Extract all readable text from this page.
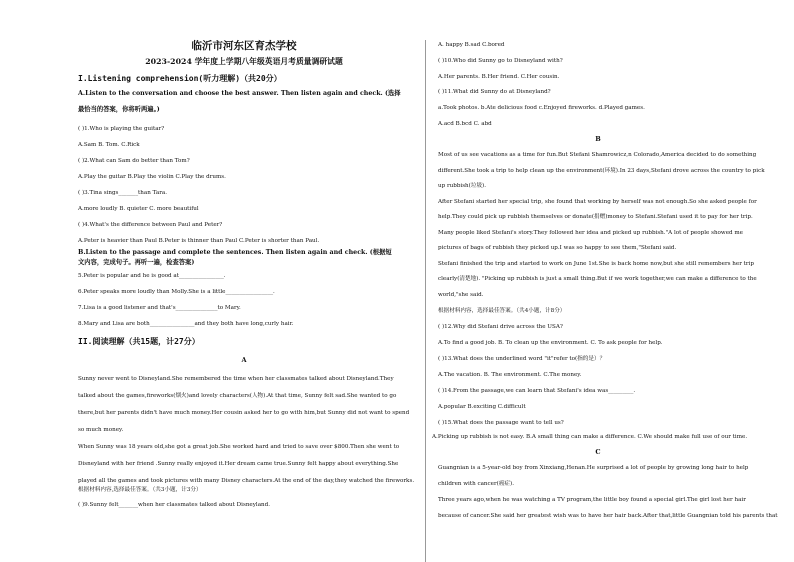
临沂市河东区育杰学校
2023-2024 学年度上学期八年级英语月考质量调研试题
I.Listening comprehension(听力理解)（共20分）
A.Listen to the conversation and choose the best answer. Then listen again and check. (选择
最恰当的答案，你将听两遍。)
( )1.Who is playing the guitar?
A.Sam B. Tom. C.Rick
( )2.What can Sam do better than Tom?
A.Play the guitar B.Play the violin C.Play the drums.
( )3.Tina sings_______than Tara.
A.more loudly B. quieter C. more beautiful
( )4.What's the difference between Paul and Peter?
A.Peter is heavier than Paul B.Peter is thinner than Paul C.Peter is shorter than Paul.
B.Listen to the passage and complete the sentences. Then listen again and check. (根据短
文内容，完成句子。再听一遍，检查答案)
5.Peter is popular and he is good at________________.
6.Peter speaks more loudly than Molly.She is a little_________________.
7.Lisa is a good listener and that's_______________to Mary.
8.Mary and Lisa are both________________and they both have long,curly hair.
II.阅读理解（共15题，计27分）
A
Sunny never went to Disneyland.She remembered the time when her classmates talked about Disneyland.They
talked about the games,fireworks(烟火)and lovely characters(人物).At that time, Sunny felt sad.She wanted to go
there,but her parents didn't have much money.Her cousin asked her to go with him,but Sunny did not want to spend
so much money.
When Sunny was 18 years old,she got a great job.She worked hard and tried to save over $800.Then she went to
Disneyland with her friend .Sunny really enjoyed it.Her dream came true.Sunny felt happy about everything.She
played all the games and took pictures with many Disney characters.At the end of the day,they watched the fireworks.
根据材料内容,选择最佳答案。（共3小题，计3分）
( )9.Sunny felt_______when her classmates talked about Disneyland.
A. happy B.sad C.bored
( )10.Who did Sunny go to Disneyland with?
A.Her parents. B.Her friend. C.Her cousin.
( )11.What did Sunny do at Disneyland?
a.Took photos. b.Ate delicious food c.Enjoyed fireworks. d.Played games.
A.acd B.bcd C. abd
B
Most of us see vacations as a time for fun.But Stefani Shamrowicz,n Colorado,America decided to do something
different.She took a trip to help clean up the environment(环境).In 23 days,Stefani drove across the country to pick
up rubbish(垃圾).
After Stefani started her special trip, she found that working by herself was not enough.So she asked people for
help.They could pick up rubbish themselves or donate(捐赠)money to Stefani.Stefani used it to pay for her trip.
Many people liked Stefani's story.They followed her idea and picked up rubbish."A lot of people showed me
pictures of bags of rubbish they picked up.I was so happy to see them,"Stefani said.
Stefani finished the trip and started to work on June 1st.She is back home now,but she still remembers her trip
clearly(清楚地). "Picking up rubbish is just a small thing.But if we work together,we can make a difference to the
world,"she said.
根据材料内容，选择最佳答案。（共4小题，计8分）
( )12.Why did Stefani drive across the USA?
A.To find a good job. B. To clean up the environment. C. To ask people for help.
( )13.What does the underlined word "it"refer to(指的是）？
A.The vacation. B. The environment. C.The money.
( )14.From the passage,we can learn that Stefani's idea was_________.
A.popular B.exciting C.difficult
( )15.What does the passage want to tell us?
A.Picking up rubbish is not easy. B.A small thing can make a difference. C.We should make full use of our time.
C
Guangnian is a 5-year-old boy from Xinxiang,Henan.He surprised a lot of people by growing long hair to help
children with cancer(癌症).
Three years ago,when he was watching a TV program,the little boy found a special girl.The girl lost her hair
because of cancer.She said her greatest wish was to have her hair back.After that,little Guangnian told his parents that
